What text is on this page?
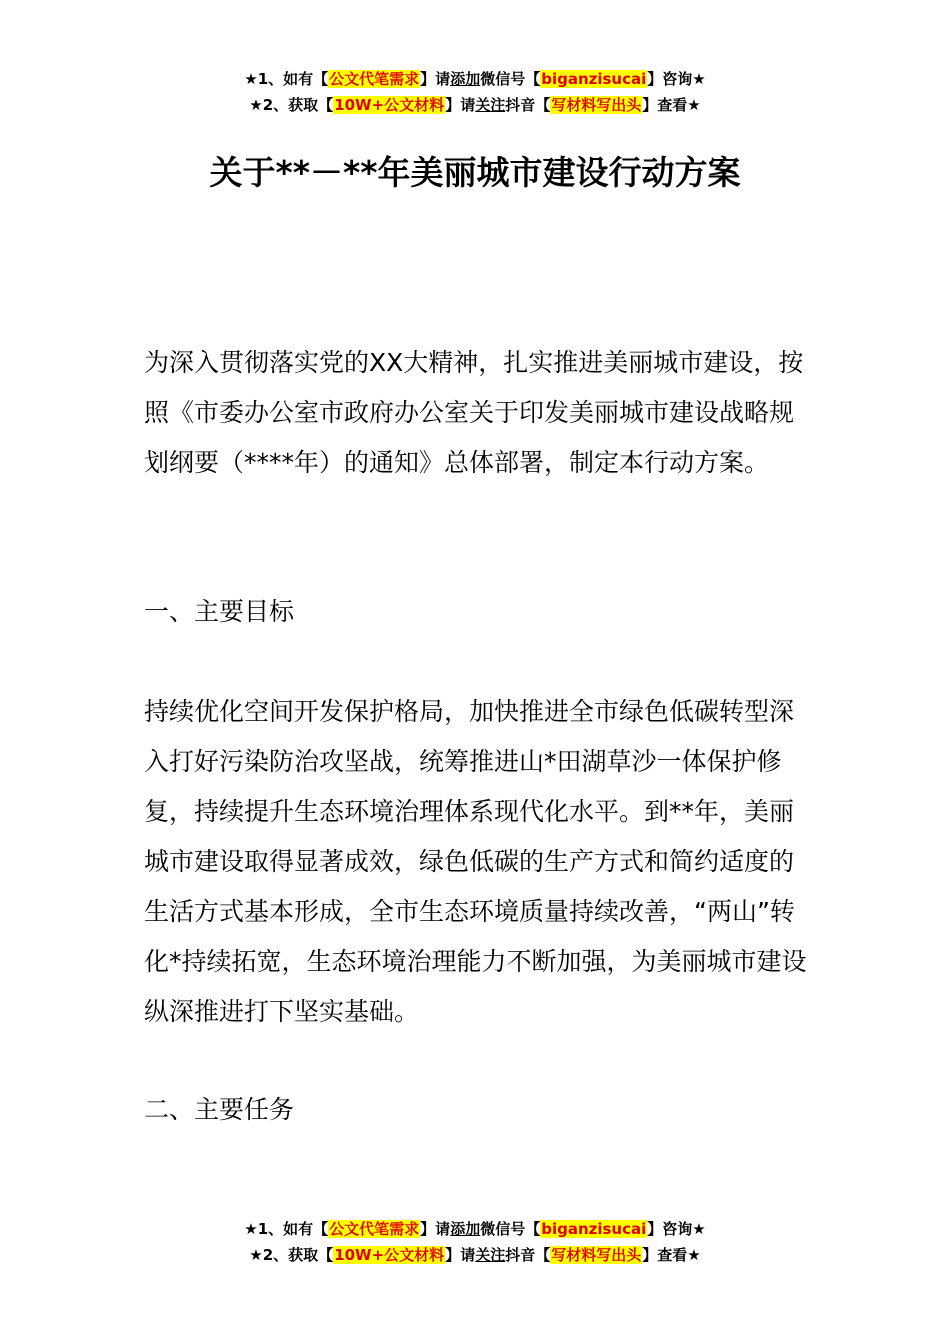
★1、如有【公文代笔需求】请添加微信号【biganzisucai】咨询★
★2、获取【10W+公文材料】请关注抖音【写材料写出头】查看★
关于**－**年美丽城市建设行动方案

为深入贯彻落实党的XX大精神，扎实推进美丽城市建设，按照《市委办公室市政府办公室关于印发美丽城市建设战略规划纲要（****年）的通知》总体部署，制定本行动方案。

一、主要目标

持续优化空间开发保护格局，加快推进全市绿色低碳转型深入打好污染防治攻坚战，统筹推进山*田湖草沙一体保护修复，持续提升生态环境治理体系现代化水平。到**年，美丽城市建设取得显著成效，绿色低碳的生产方式和简约适度的生活方式基本形成，全市生态环境质量持续改善，“两山”转化*持续拓宽，生态环境治理能力不断加强，为美丽城市建设纵深推进打下坚实基础。

二、主要任务

★1、如有【公文代笔需求】请添加微信号【biganzisucai】咨询★
★2、获取【10W+公文材料】请关注抖音【写材料写出头】查看★
